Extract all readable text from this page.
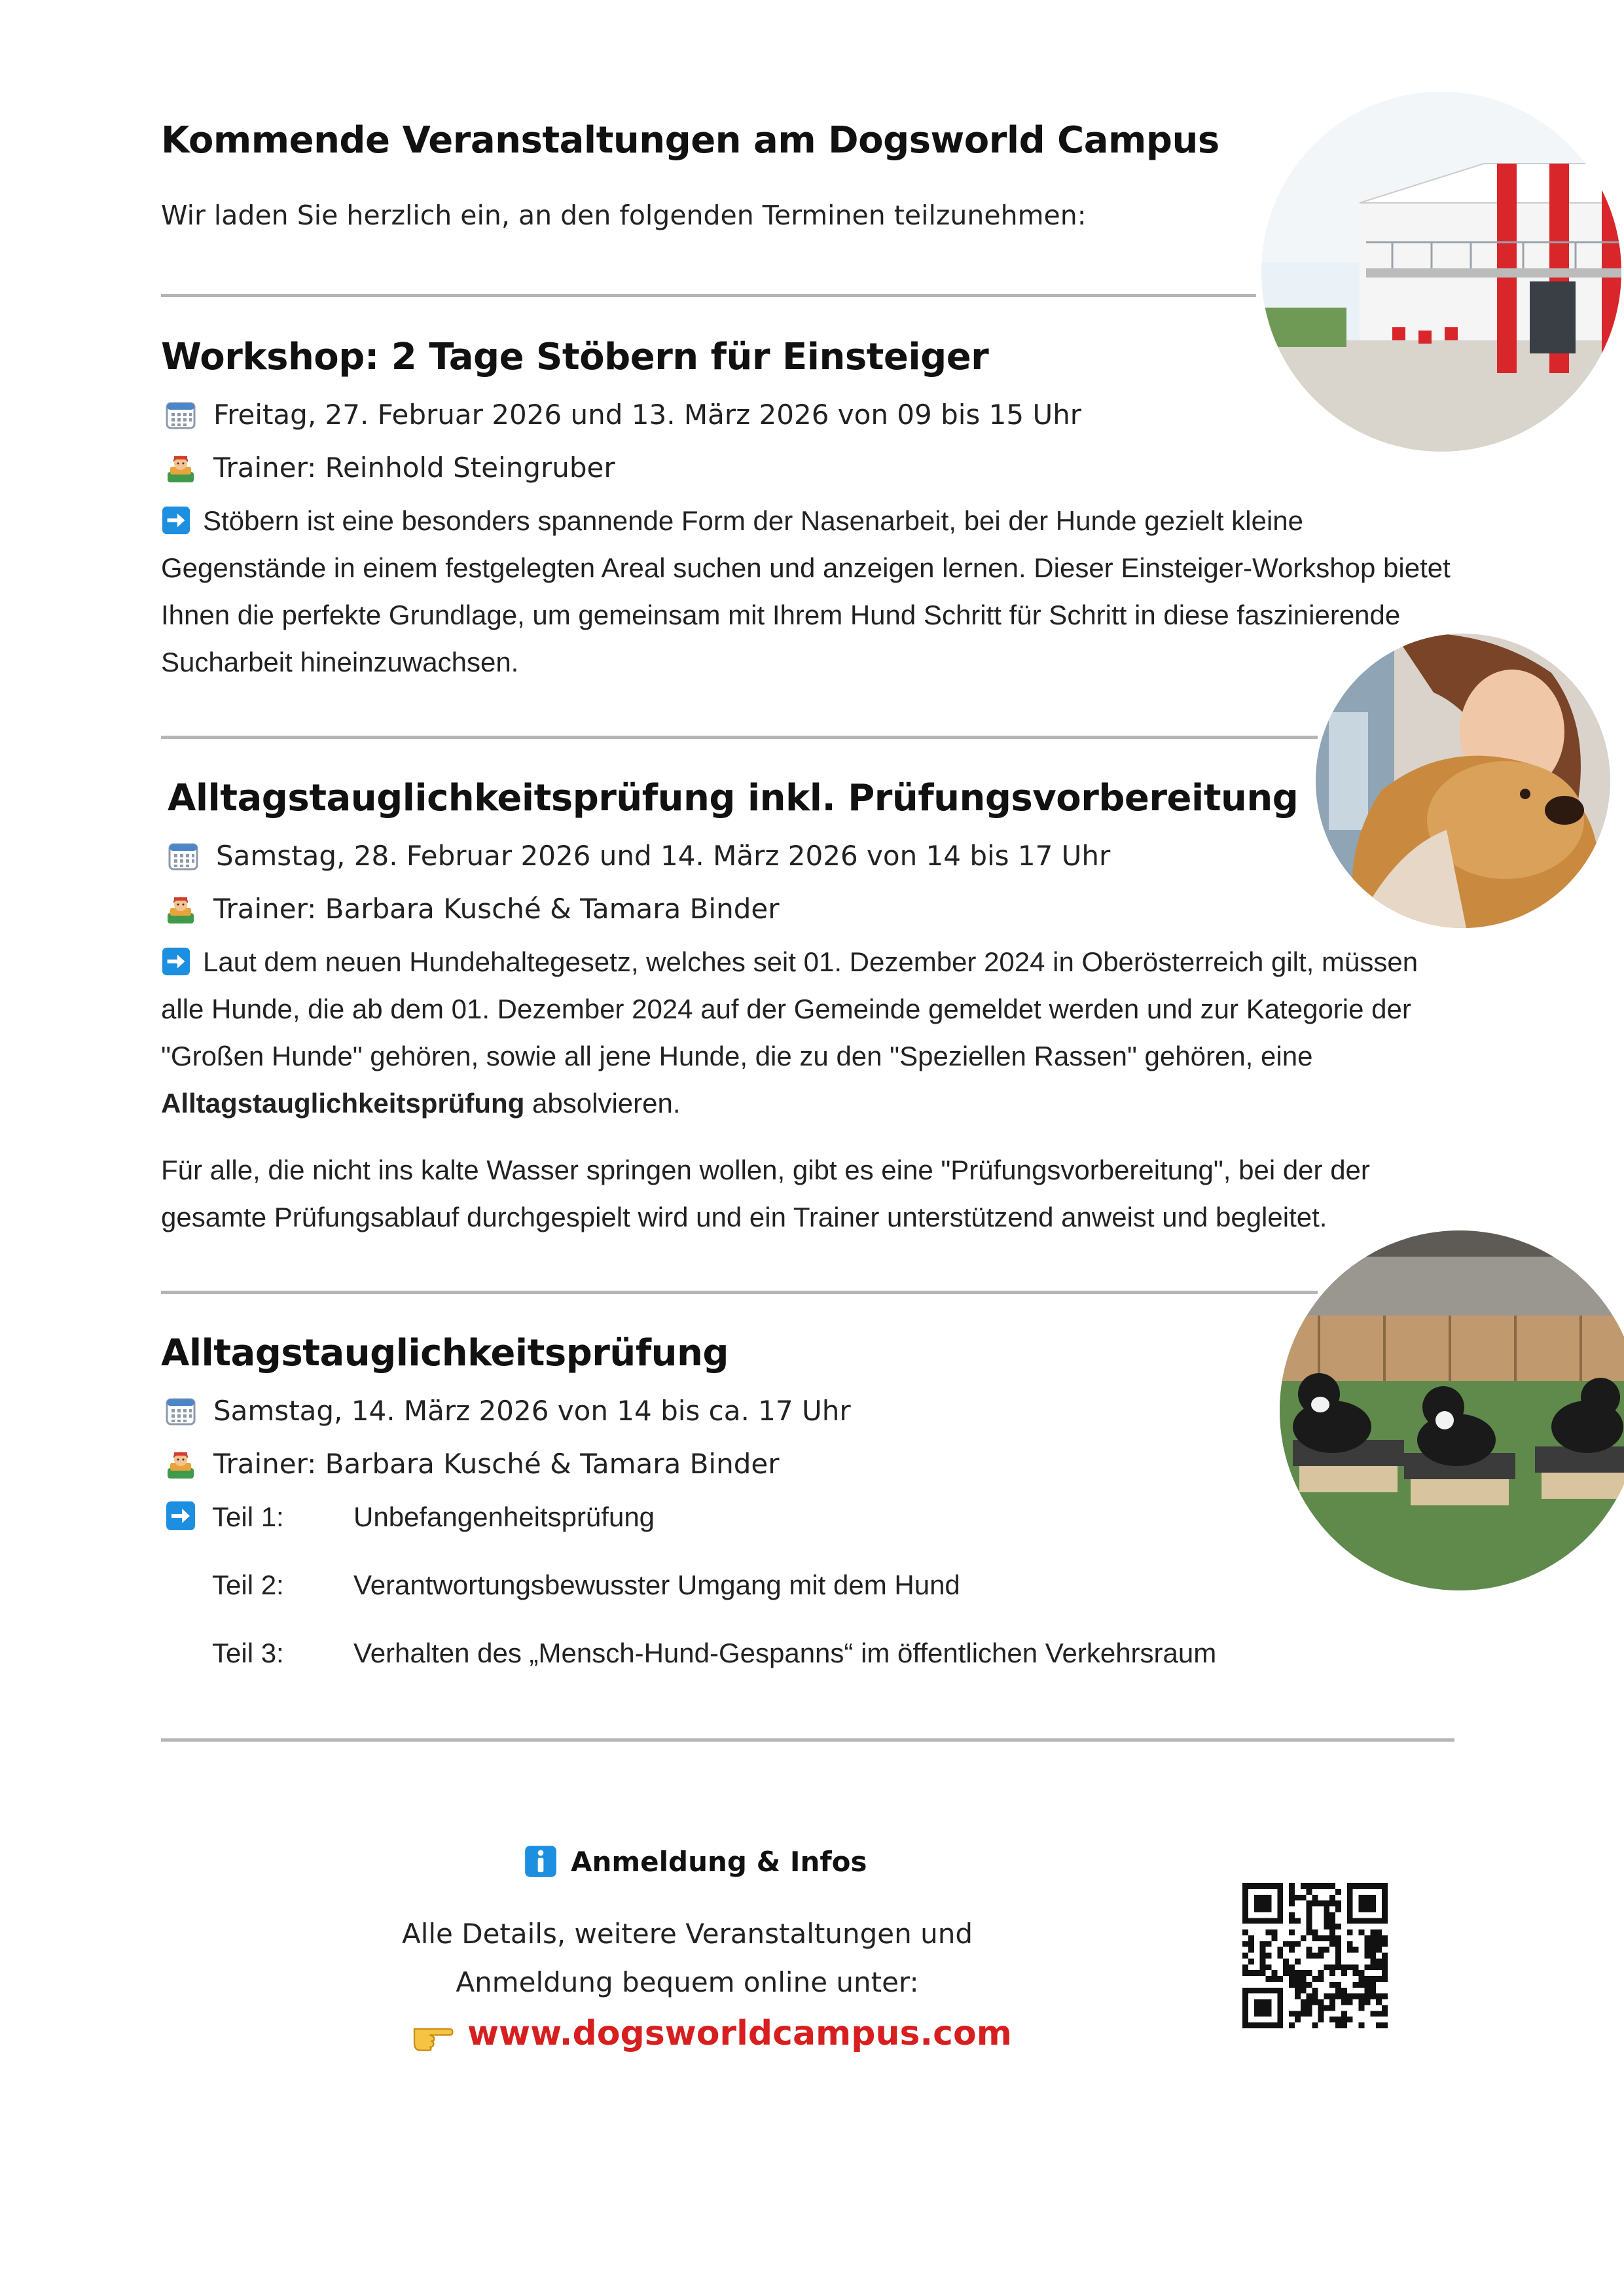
Kommende Veranstaltungen am Dogsworld Campus
Wir laden Sie herzlich ein, an den folgenden Terminen teilzunehmen:
Workshop: 2 Tage Stöbern für Einsteiger
Freitag, 27. Februar 2026 und 13. März 2026 von 09 bis 15 Uhr
Trainer: Reinhold Steingruber
Stöbern ist eine besonders spannende Form der Nasenarbeit, bei der Hunde gezielt kleine Gegenstände in einem festgelegten Areal suchen und anzeigen lernen. Dieser Einsteiger-Workshop bietet Ihnen die perfekte Grundlage, um gemeinsam mit Ihrem Hund Schritt für Schritt in diese faszinierende Sucharbeit hineinzuwachsen.
Alltagstauglichkeitsprüfung inkl. Prüfungsvorbereitung
Samstag, 28. Februar 2026 und 14. März 2026 von 14 bis 17 Uhr
Trainer: Barbara Kusché & Tamara Binder
Laut dem neuen Hundehaltegesetz, welches seit 01. Dezember 2024 in Oberösterreich gilt, müssen alle Hunde, die ab dem 01. Dezember 2024 auf der Gemeinde gemeldet werden und zur Kategorie der "Großen Hunde" gehören, sowie all jene Hunde, die zu den "Speziellen Rassen" gehören, eine Alltagstauglichkeitsprüfung absolvieren.
Für alle, die nicht ins kalte Wasser springen wollen, gibt es eine "Prüfungsvorbereitung", bei der der gesamte Prüfungsablauf durchgespielt wird und ein Trainer unterstützend anweist und begleitet.
Alltagstauglichkeitsprüfung
Samstag, 14. März 2026 von 14 bis ca. 17 Uhr
Trainer: Barbara Kusché & Tamara Binder
Teil 1:	Unbefangenheitsprüfung
Teil 2:	Verantwortungsbewusster Umgang mit dem Hund
Teil 3:	Verhalten des „Mensch-Hund-Gespanns“ im öffentlichen Verkehrsraum
Anmeldung & Infos
Alle Details, weitere Veranstaltungen und
Anmeldung bequem online unter:
www.dogsworldcampus.com
